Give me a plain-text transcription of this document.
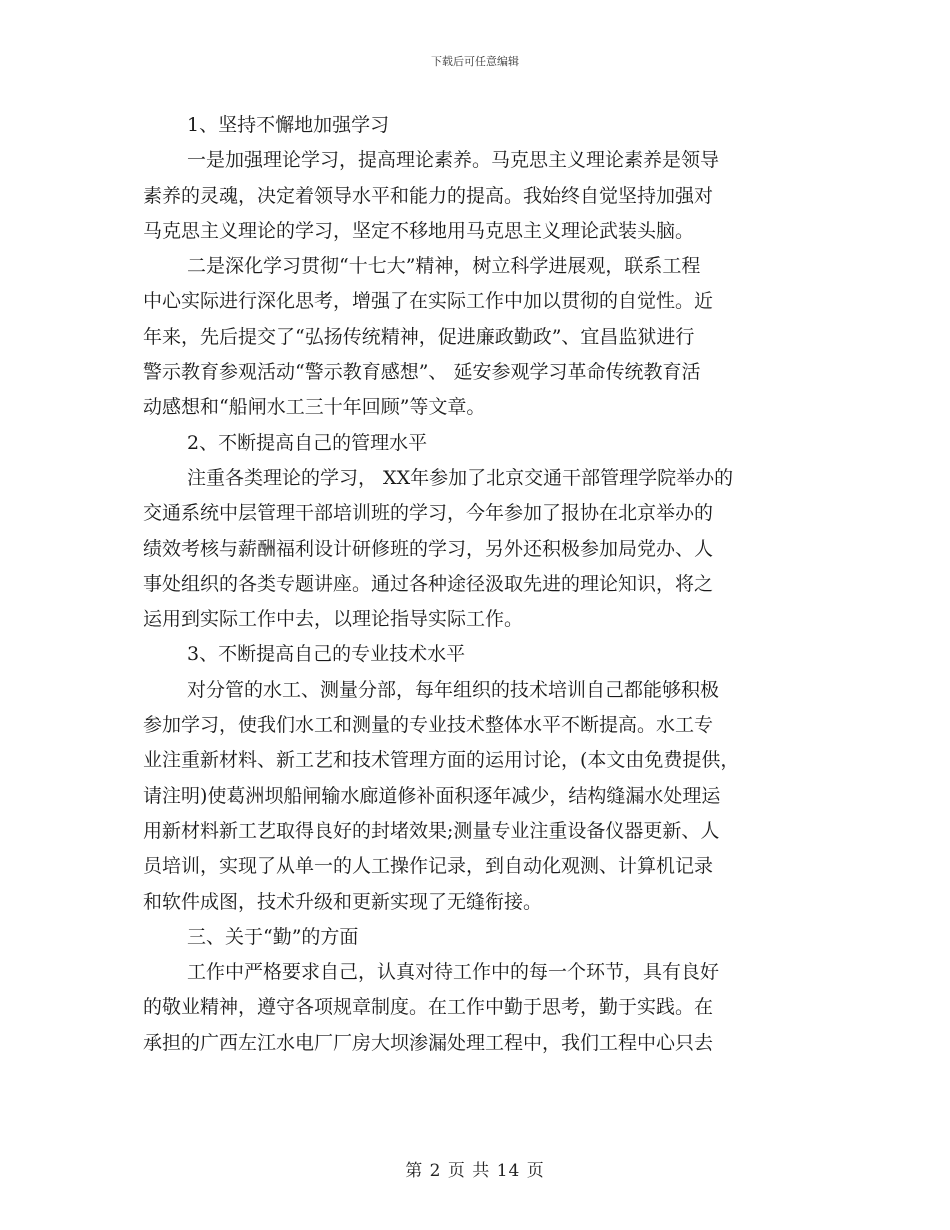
下载后可任意编辑
1、坚持不懈地加强学习
一是加强理论学习，提高理论素养。马克思主义理论素养是领导
素养的灵魂，决定着领导水平和能力的提高。我始终自觉坚持加强对
马克思主义理论的学习，坚定不移地用马克思主义理论武装头脑。
二是深化学习贯彻“十七大”精神，树立科学进展观，联系工程
中心实际进行深化思考，增强了在实际工作中加以贯彻的自觉性。近
年来，先后提交了“弘扬传统精神，促进廉政勤政”、宜昌监狱进行
警示教育参观活动“警示教育感想”、 延安参观学习革命传统教育活
动感想和“船闸水工三十年回顾”等文章。
2、不断提高自己的管理水平
注重各类理论的学习， XX年参加了北京交通干部管理学院举办的
交通系统中层管理干部培训班的学习，今年参加了报协在北京举办的
绩效考核与薪酬福利设计研修班的学习，另外还积极参加局党办、人
事处组织的各类专题讲座。通过各种途径汲取先进的理论知识，将之
运用到实际工作中去，以理论指导实际工作。
3、不断提高自己的专业技术水平
对分管的水工、测量分部，每年组织的技术培训自己都能够积极
参加学习，使我们水工和测量的专业技术整体水平不断提高。水工专
业注重新材料、新工艺和技术管理方面的运用讨论，(本文由免费提供，
请注明)使葛洲坝船闸输水廊道修补面积逐年减少，结构缝漏水处理运
用新材料新工艺取得良好的封堵效果;测量专业注重设备仪器更新、人
员培训，实现了从单一的人工操作记录，到自动化观测、计算机记录
和软件成图，技术升级和更新实现了无缝衔接。
三、关于“勤”的方面
工作中严格要求自己，认真对待工作中的每一个环节，具有良好
的敬业精神，遵守各项规章制度。在工作中勤于思考，勤于实践。在
承担的广西左江水电厂厂房大坝渗漏处理工程中，我们工程中心只去
第 2 页 共 14 页
